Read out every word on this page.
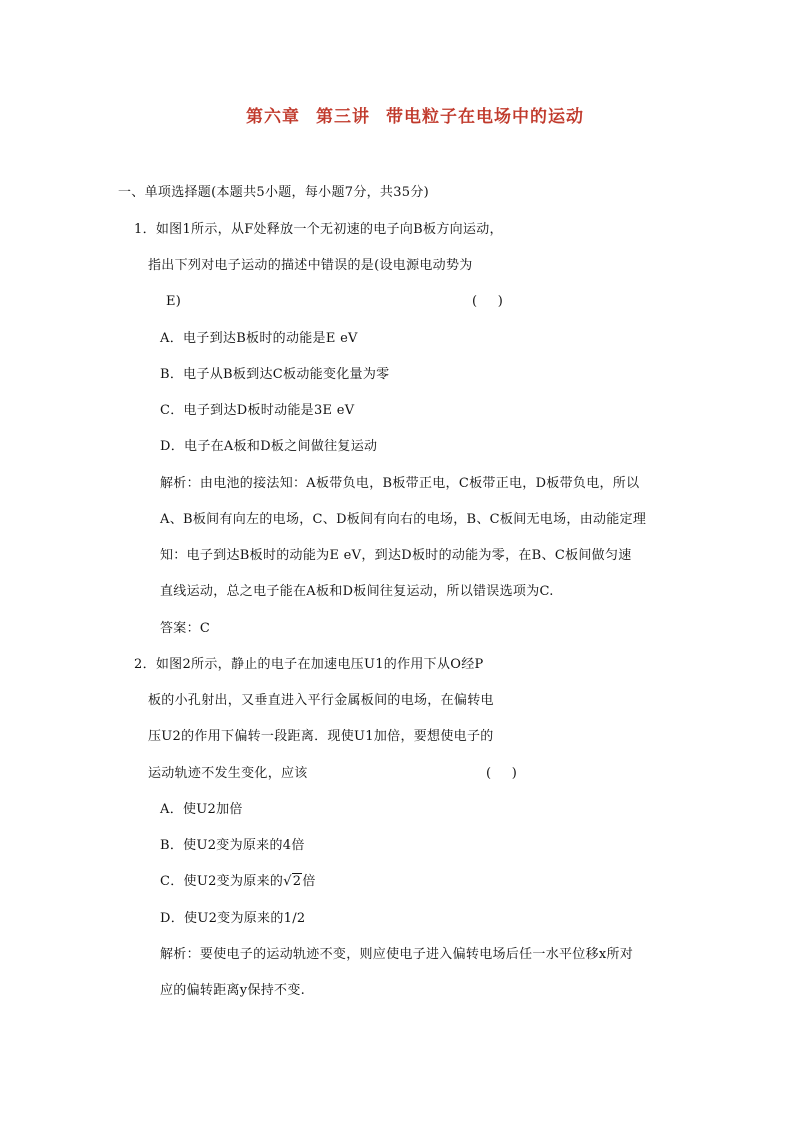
第六章 第三讲 带电粒子在电场中的运动
一、单项选择题(本题共5小题，每小题7分，共35分)
1．如图1所示，从F处释放一个无初速的电子向B板方向运动，
指出下列对电子运动的描述中错误的是(设电源电动势为
E)	(     )
A．电子到达B板时的动能是E eV
B．电子从B板到达C板动能变化量为零
C．电子到达D板时动能是3E eV
D．电子在A板和D板之间做往复运动
解析：由电池的接法知：A板带负电，B板带正电，C板带正电，D板带负电，所以
A、B板间有向左的电场，C、D板间有向右的电场，B、C板间无电场，由动能定理
知：电子到达B板时的动能为E eV，到达D板时的动能为零，在B、C板间做匀速
直线运动，总之电子能在A板和D板间往复运动，所以错误选项为C.
答案：C
2．如图2所示，静止的电子在加速电压U1的作用下从O经P
板的小孔射出，又垂直进入平行金属板间的电场，在偏转电
压U2的作用下偏转一段距离．现使U1加倍，要想使电子的
运动轨迹不发生变化，应该	(     )
A．使U2加倍
B．使U2变为原来的4倍
C．使U2变为原来的√2倍
D．使U2变为原来的1/2
解析：要使电子的运动轨迹不变，则应使电子进入偏转电场后任一水平位移x所对
应的偏转距离y保持不变.
